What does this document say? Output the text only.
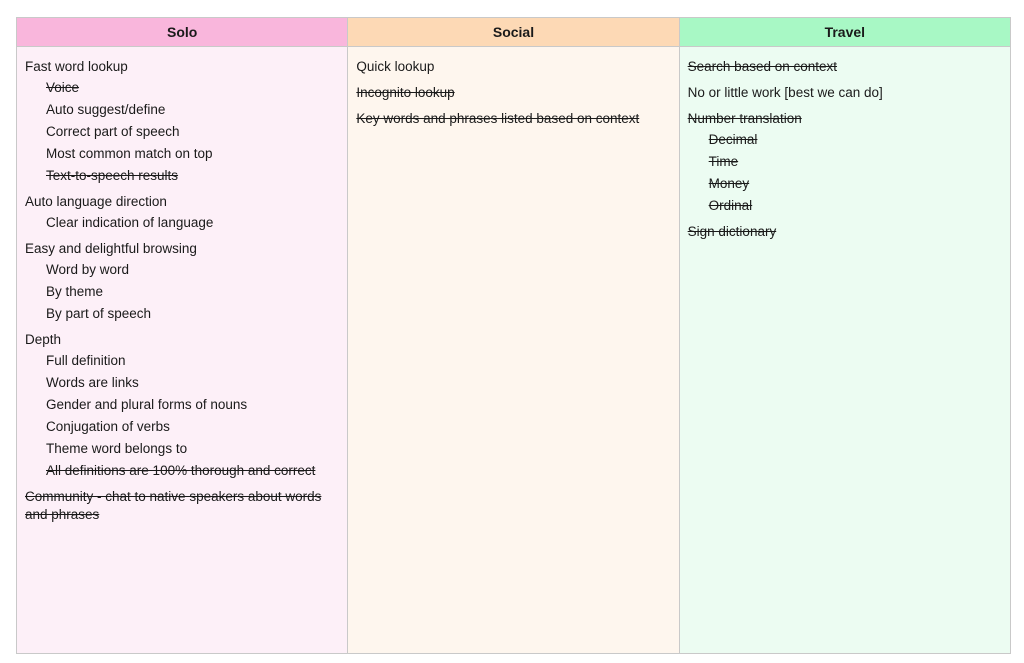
Solo
Fast word lookup
Voice
Auto suggest/define
Correct part of speech
Most common match on top
Text-to-speech results
Auto language direction
Clear indication of language
Easy and delightful browsing
Word by word
By theme
By part of speech
Depth
Full definition
Words are links
Gender and plural forms of nouns
Conjugation of verbs
Theme word belongs to
All definitions are 100% thorough and correct
Community - chat to native speakers about words and phrases
Social
Quick lookup
Incognito lookup
Key words and phrases listed based on context
Travel
Search based on context
No or little work [best we can do]
Number translation
Decimal
Time
Money
Ordinal
Sign dictionary
